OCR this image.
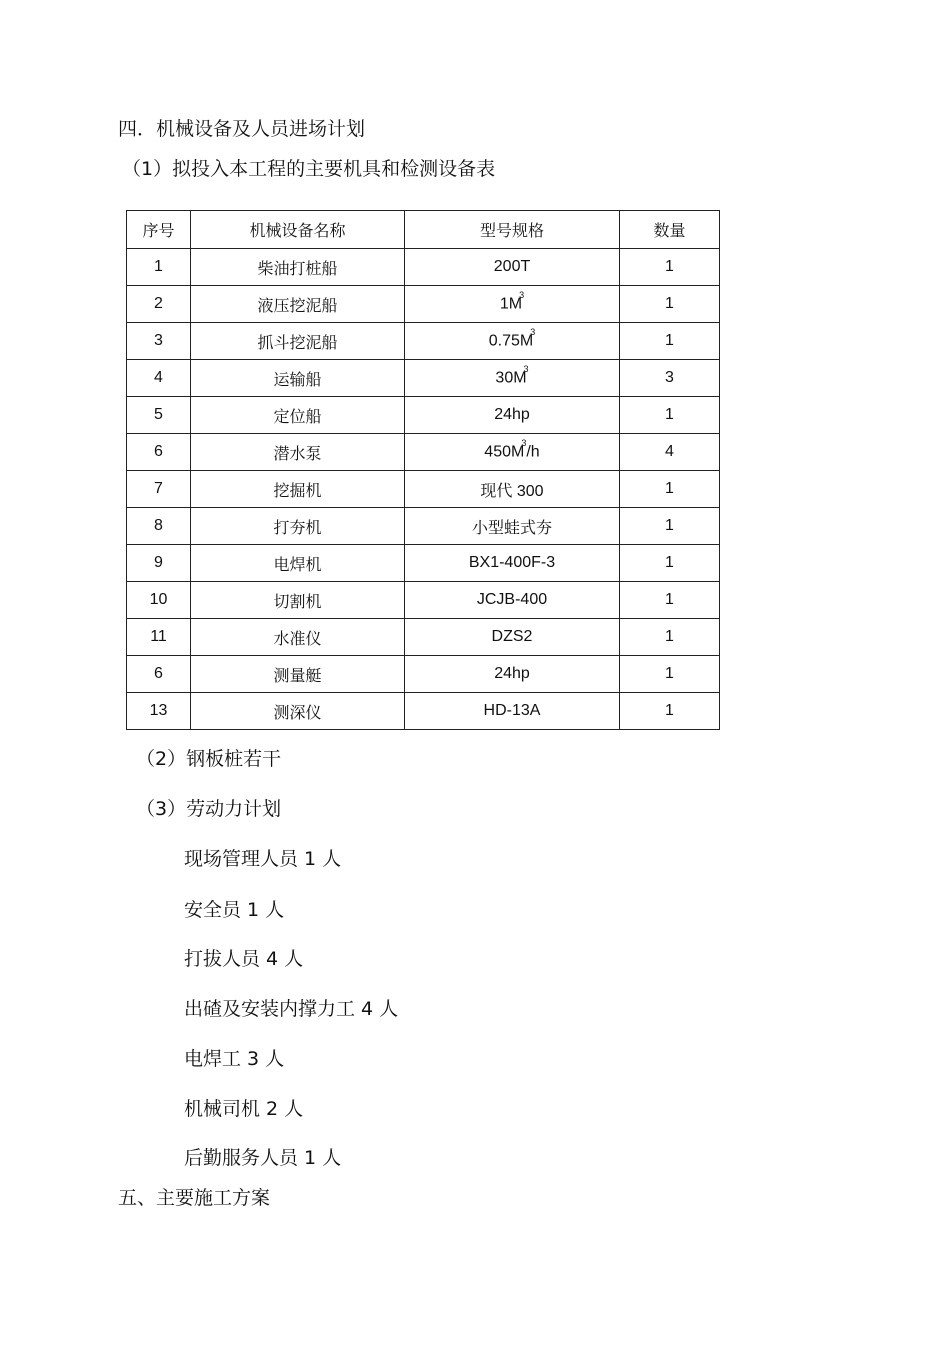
四．机械设备及人员进场计划
（1）拟投入本工程的主要机具和检测设备表
序号	机械设备名称	型号规格	数量
1	柴油打桩船	200T	1
2	液压挖泥船	$1M^3$	1
3	抓斗挖泥船	$0.75M^3$	1
4	运输船	$30M^3$	3
5	定位船	24hp	1
6	潜水泵	$450M^3/h$	4
7	挖掘机	现代 300	1
8	打夯机	小型蛙式夯	1
9	电焊机	BX1-400F-3	1
10	切割机	JCJB-400	1
11	水准仪	DZS2	1
6	测量艇	24hp	1
13	测深仪	HD-13A	1
（2）钢板桩若干
（3）劳动力计划
现场管理人员 1 人
安全员 1 人
打拔人员 4 人
出碴及安装内撑力工 4 人
电焊工 3 人
机械司机 2 人
后勤服务人员 1 人
五、主要施工方案
